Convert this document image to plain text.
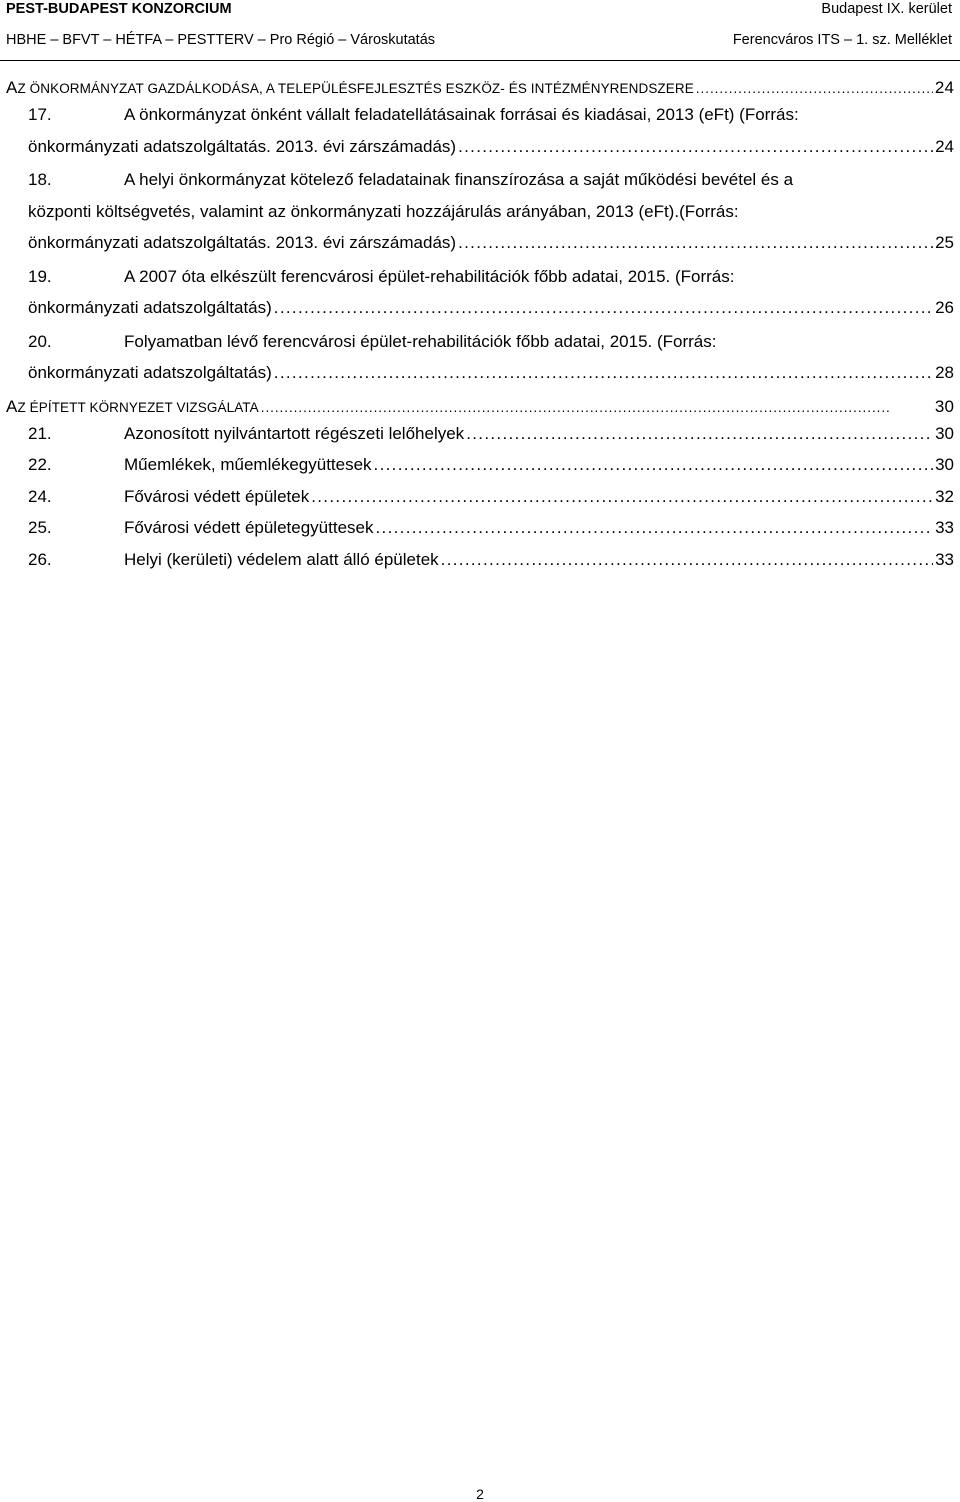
PEST-BUDAPEST KONZORCIUM	Budapest IX. kerület
HBHE – BFVT – HÉTFA – PESTTERV – Pro Régió – Városkutatás	Ferencváros ITS – 1. sz. Melléklet
AZ ÖNKORMÁNYZAT GAZDÁLKODÁSA, A TELEPÜLÉSFEJLESZTÉS ESZKÖZ- ÉS INTÉZMÉNYRENDSZERE . . .	24
17.	A önkormányzat önként vállalt feladatellátásainak forrásai és kiadásai, 2013 (eFt) (Forrás:
önkormányzati adatszolgáltatás. 2013. évi zárszámadás) . . .	24
18.	A helyi önkormányzat kötelező feladatainak finanszírozása a saját működési bevétel és a
központi költségvetés, valamint az önkormányzati hozzájárulás arányában, 2013 (eFt).(Forrás:
önkormányzati adatszolgáltatás. 2013. évi zárszámadás) . . .	25
19.	A 2007 óta elkészült ferencvárosi épület-rehabilitációk főbb adatai, 2015. (Forrás:
önkormányzati adatszolgáltatás) . . .	26
20.	Folyamatban lévő ferencvárosi épület-rehabilitációk főbb adatai, 2015. (Forrás:
önkormányzati adatszolgáltatás) . . .	28
AZ ÉPÍTETT KÖRNYEZET VIZSGÁLATA . . .	30
21.	Azonosított nyilvántartott régészeti lelőhelyek . . .	30
22.	Műemlékek, műemlékegyüttesek . . .	30
24.	Fővárosi védett épületek . . .	32
25.	Fővárosi védett épületegyüttesek . . .	33
26.	Helyi (kerületi) védelem alatt álló épületek . . .	33
2
